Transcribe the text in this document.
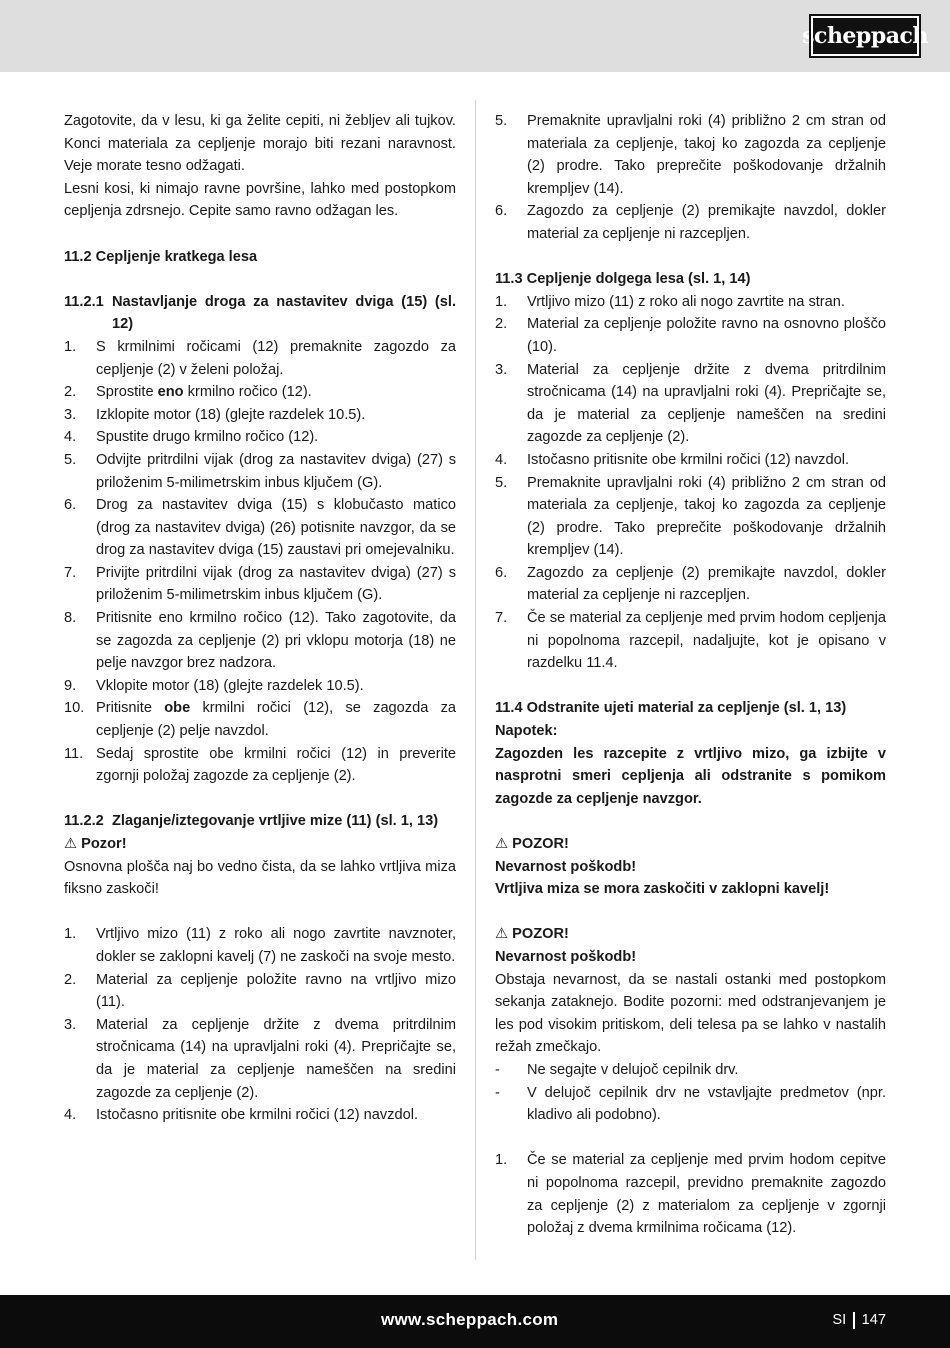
scheppach

Zagotovite, da v lesu, ki ga želite cepiti, ni žebljev ali tujkov. Konci materiala za cepljenje morajo biti rezani naravnost. Veje morate tesno odžagati.

Lesni kosi, ki nimajo ravne površine, lahko med postopkom cepljenja zdrsnejo. Cepite samo ravno odžagan les.

11.2 Cepljenje kratkega lesa

11.2.1 Nastavljanje droga za nastavitev dviga (15) (sl. 12)
1.	S krmilnimi ročicami (12) premaknite zagozdo za cepljenje (2) v želeni položaj.
2.	Sprostite eno krmilno ročico (12).
3.	Izklopite motor (18) (glejte razdelek 10.5).
4.	Spustite drugo krmilno ročico (12).
5.	Odvijte pritrdilni vijak (drog za nastavitev dviga) (27) s priloženim 5-milimetrskim inbus ključem (G).
6.	Drog za nastavitev dviga (15) s klobučasto matico (drog za nastavitev dviga) (26) potisnite navzgor, da se drog za nastavitev dviga (15) zaustavi pri omejevalniku.
7.	Privijte pritrdilni vijak (drog za nastavitev dviga) (27) s priloženim 5-milimetrskim inbus ključem (G).
8.	Pritisnite eno krmilno ročico (12). Tako zagotovite, da se zagozda za cepljenje (2) pri vklopu motorja (18) ne pelje navzgor brez nadzora.
9.	Vklopite motor (18) (glejte razdelek 10.5).
10. Pritisnite obe krmilni ročici (12), se zagozda za cepljenje (2) pelje navzdol.
11. Sedaj sprostite obe krmilni ročici (12) in preverite zgornji položaj zagozde za cepljenje (2).
11.2.2 Zlaganje/iztegovanje vrtljive mize (11) (sl. 1, 13)

⚠ Pozor!

Osnovna plošča naj bo vedno čista, da se lahko vrtljiva miza fiksno zaskoči!

1.	Vrtljivo mizo (11) z roko ali nogo zavrtite navznoter, dokler se zaklopni kavelj (7) ne zaskoči na svoje mesto.
2.	Material za cepljenje položite ravno na vrtljivo mizo (11).
3.	Material za cepljenje držite z dvema pritrdilnim stročnicama (14) na upravljalni roki (4). Prepričajte se, da je material za cepljenje nameščen na sredini zagozde za cepljenje (2).
4.	Istočasno pritisnite obe krmilni ročici (12) navzdol.
5.	Premaknite upravljalni roki (4) približno 2 cm stran od materiala za cepljenje, takoj ko zagozda za cepljenje (2) prodre. Tako preprečite poškodovanje držalnih krempljev (14).
6.	Zagozdo za cepljenje (2) premikajte navzdol, dokler material za cepljenje ni razcepljen.

11.3 Cepljenje dolgega lesa (sl. 1, 14)

1.	Vrtljivo mizo (11) z roko ali nogo zavrtite na stran.
2.	Material za cepljenje položite ravno na osnovno ploščo (10).
3.	Material za cepljenje držite z dvema pritrdilnim stročnicama (14) na upravljalni roki (4). Prepričajte se, da je material za cepljenje nameščen na sredini zagozde za cepljenje (2).
4.	Istočasno pritisnite obe krmilni ročici (12) navzdol.
5.	Premaknite upravljalni roki (4) približno 2 cm stran od materiala za cepljenje, takoj ko zagozda za cepljenje (2) prodre. Tako preprečite poškodovanje držalnih krempljev (14).
6.	Zagozdo za cepljenje (2) premikajte navzdol, dokler material za cepljenje ni razcepljen.
7.	Če se material za cepljenje med prvim hodom cepljenja ni popolnoma razcepil, nadaljujte, kot je opisano v razdelku 11.4.

11.4 Odstranite ujeti material za cepljenje (sl. 1, 13)

Napotek:

Zagozden les razcepite z vrtljivo mizo, ga izbijte v nasprotni smeri cepljenja ali odstranite s pomikom zagozde za cepljenje navzgor.

⚠ POZOR!

Nevarnost poškodb!

Vrtljiva miza se mora zaskočiti v zaklopni kavelj!

⚠ POZOR!

Nevarnost poškodb!

Obstaja nevarnost, da se nastali ostanki med postopkom sekanja zataknejo. Bodite pozorni: med odstranjevanjem je les pod visokim pritiskom, deli telesa pa se lahko v nastalih režah zmečkajo.

-	Ne segajte v delujoč cepilnik drv.
-	V delujoč cepilnik drv ne vstavljajte predmetov (npr. kladivo ali podobno).
1.	Če se material za cepljenje med prvim hodom cepitve ni popolnoma razcepil, previdno premaknite zagozdo za cepljenje (2) z materialom za cepljenje v zgornji položaj z dvema krmilnima ročicama (12).
www.scheppach.com	SI 147
